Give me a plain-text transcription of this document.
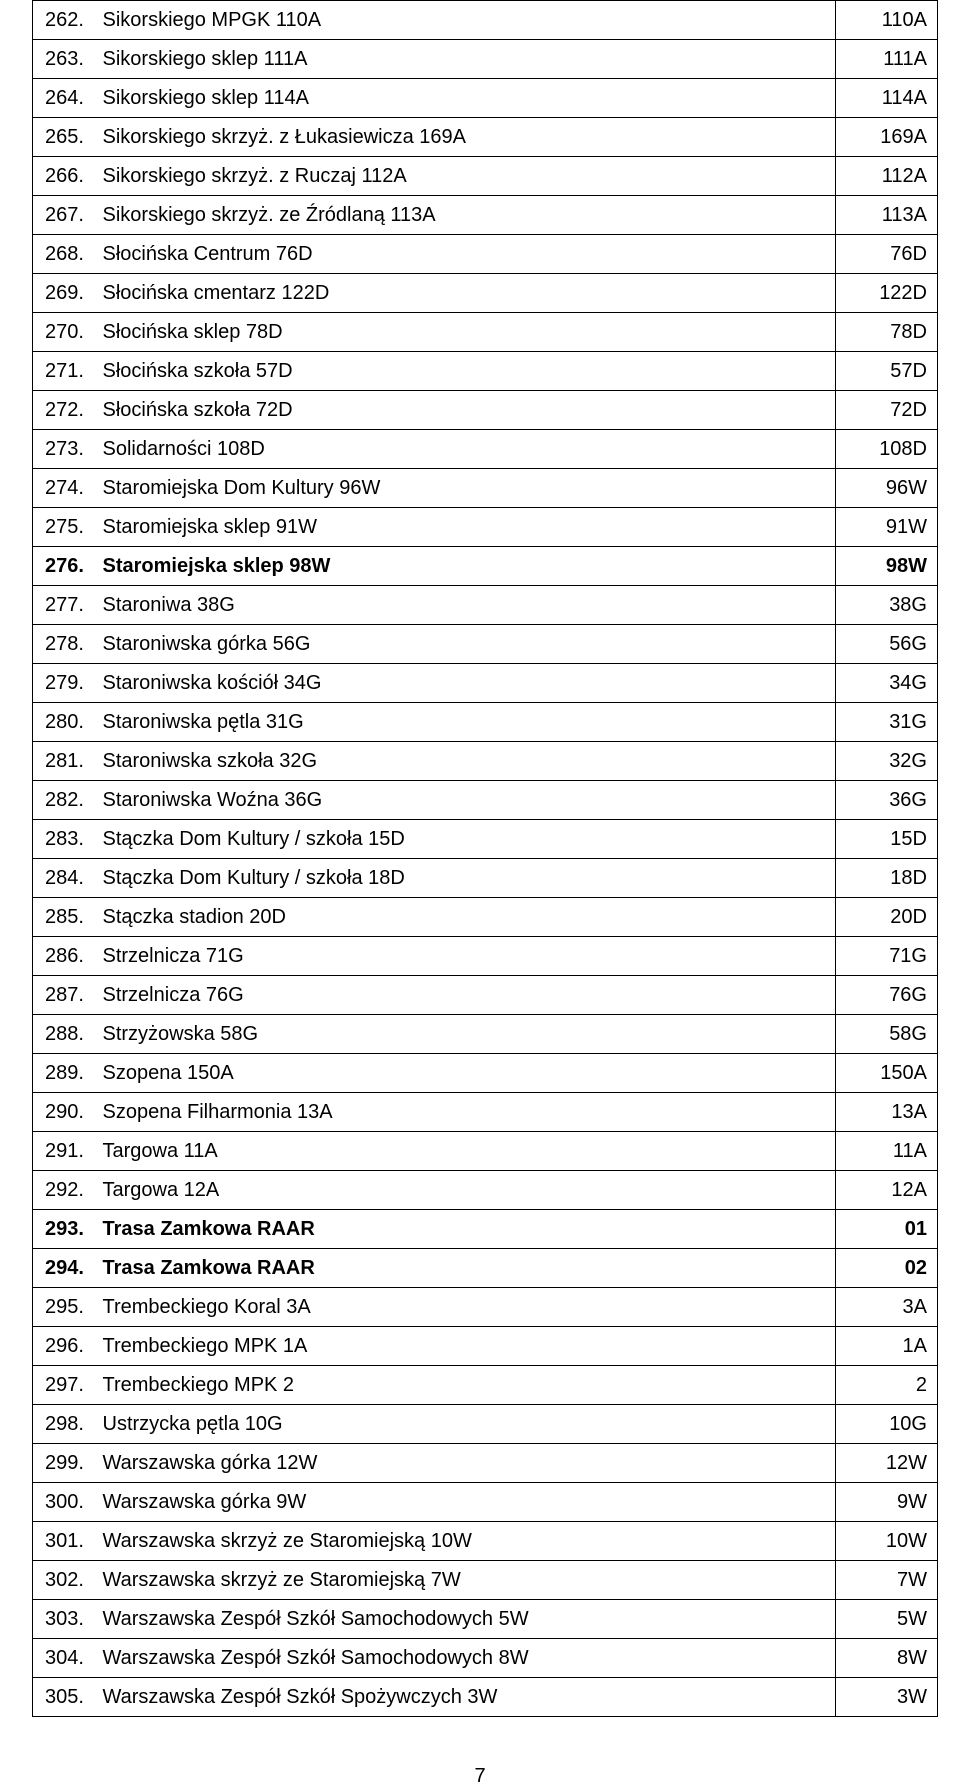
262.	Sikorskiego MPGK 110A	110A
263.	Sikorskiego sklep 111A	111A
264.	Sikorskiego sklep 114A	114A
265.	Sikorskiego skrzyż. z Łukasiewicza 169A	169A
266.	Sikorskiego skrzyż. z Ruczaj 112A	112A
267.	Sikorskiego skrzyż. ze Źródlaną 113A	113A
268.	Słocińska Centrum 76D	76D
269.	Słocińska cmentarz 122D	122D
270.	Słocińska sklep 78D	78D
271.	Słocińska szkoła 57D	57D
272.	Słocińska szkoła 72D	72D
273.	Solidarności 108D	108D
274.	Staromiejska Dom Kultury 96W	96W
275.	Staromiejska sklep 91W	91W
276.	Staromiejska sklep 98W	98W
277.	Staroniwa 38G	38G
278.	Staroniwska górka 56G	56G
279.	Staroniwska kościół 34G	34G
280.	Staroniwska pętla 31G	31G
281.	Staroniwska szkoła 32G	32G
282.	Staroniwska Woźna 36G	36G
283.	Stączka Dom Kultury / szkoła 15D	15D
284.	Stączka Dom Kultury / szkoła 18D	18D
285.	Stączka stadion 20D	20D
286.	Strzelnicza 71G	71G
287.	Strzelnicza 76G	76G
288.	Strzyżowska 58G	58G
289.	Szopena 150A	150A
290.	Szopena Filharmonia 13A	13A
291.	Targowa 11A	11A
292.	Targowa 12A	12A
293.	Trasa Zamkowa RAAR	01
294.	Trasa Zamkowa RAAR	02
295.	Trembeckiego Koral 3A	3A
296.	Trembeckiego MPK 1A	1A
297.	Trembeckiego MPK 2	2
298.	Ustrzycka pętla 10G	10G
299.	Warszawska górka 12W	12W
300.	Warszawska górka 9W	9W
301.	Warszawska skrzyż ze Staromiejską 10W	10W
302.	Warszawska skrzyż ze Staromiejską 7W	7W
303.	Warszawska Zespół Szkół Samochodowych 5W	5W
304.	Warszawska Zespół Szkół Samochodowych 8W	8W
305.	Warszawska Zespół Szkół Spożywczych 3W	3W
7
